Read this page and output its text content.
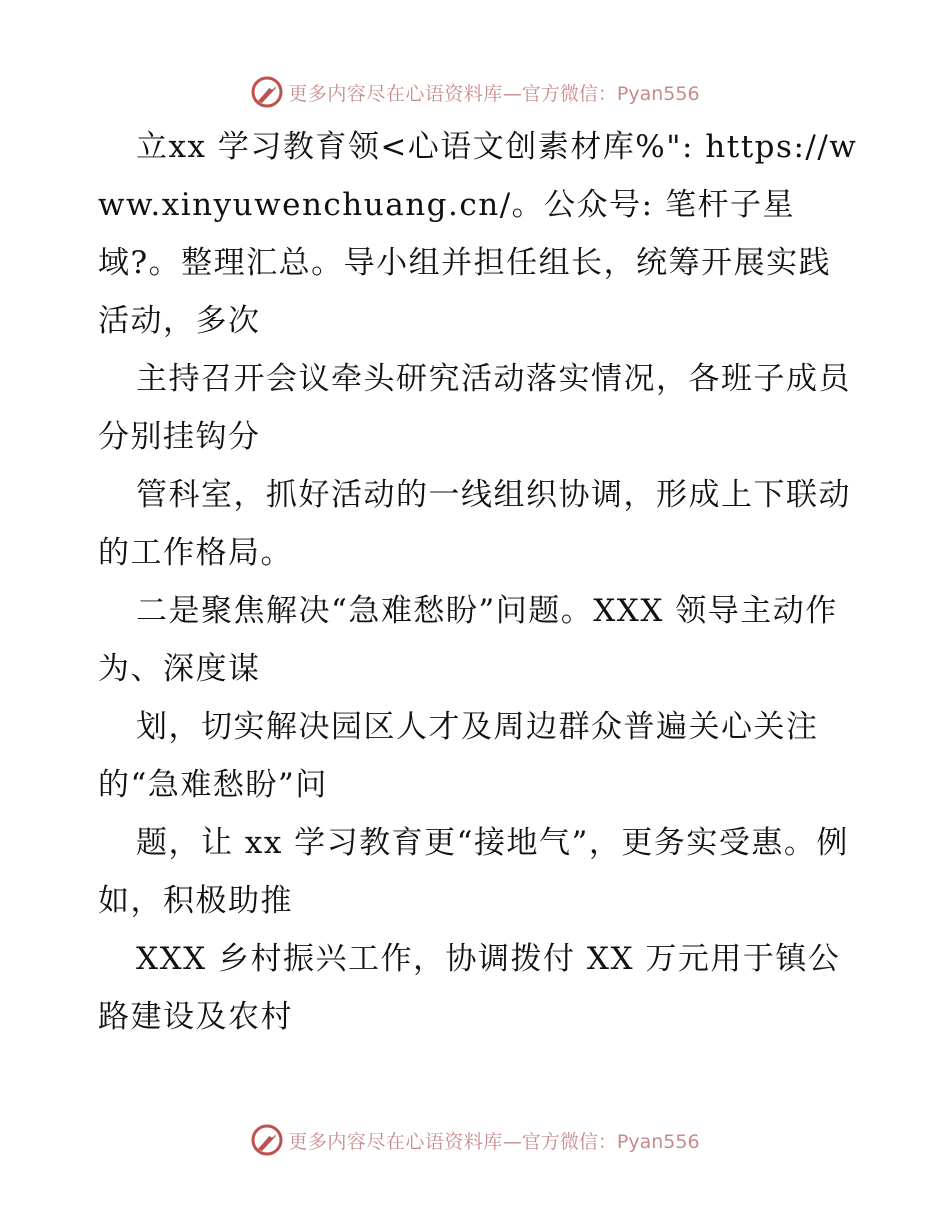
更多内容尽在心语资料库 —官方微信：Pyan556

立xx 学习教育领<心语文创素材库%": https://www.xinyuwenchuang.cn/。公众号: 笔杆子星域?。整理汇总。导小组并担任组长，统筹开展实践活动，多次

主持召开会议牵头研究活动落实情况，各班子成员分别挂钩分

管科室，抓好活动的一线组织协调，形成上下联动的工作格局。

二是聚焦解决“急难愁盼”问题。XXX 领导主动作为、深度谋

划，切实解决园区人才及周边群众普遍关心关注的“急难愁盼”问

题，让 xx 学习教育更“接地气”，更务实受惠。例如，积极助推

XXX 乡村振兴工作，协调拨付 XX 万元用于镇公路建设及农村

更多内容尽在心语资料库 —官方微信：Pyan556
